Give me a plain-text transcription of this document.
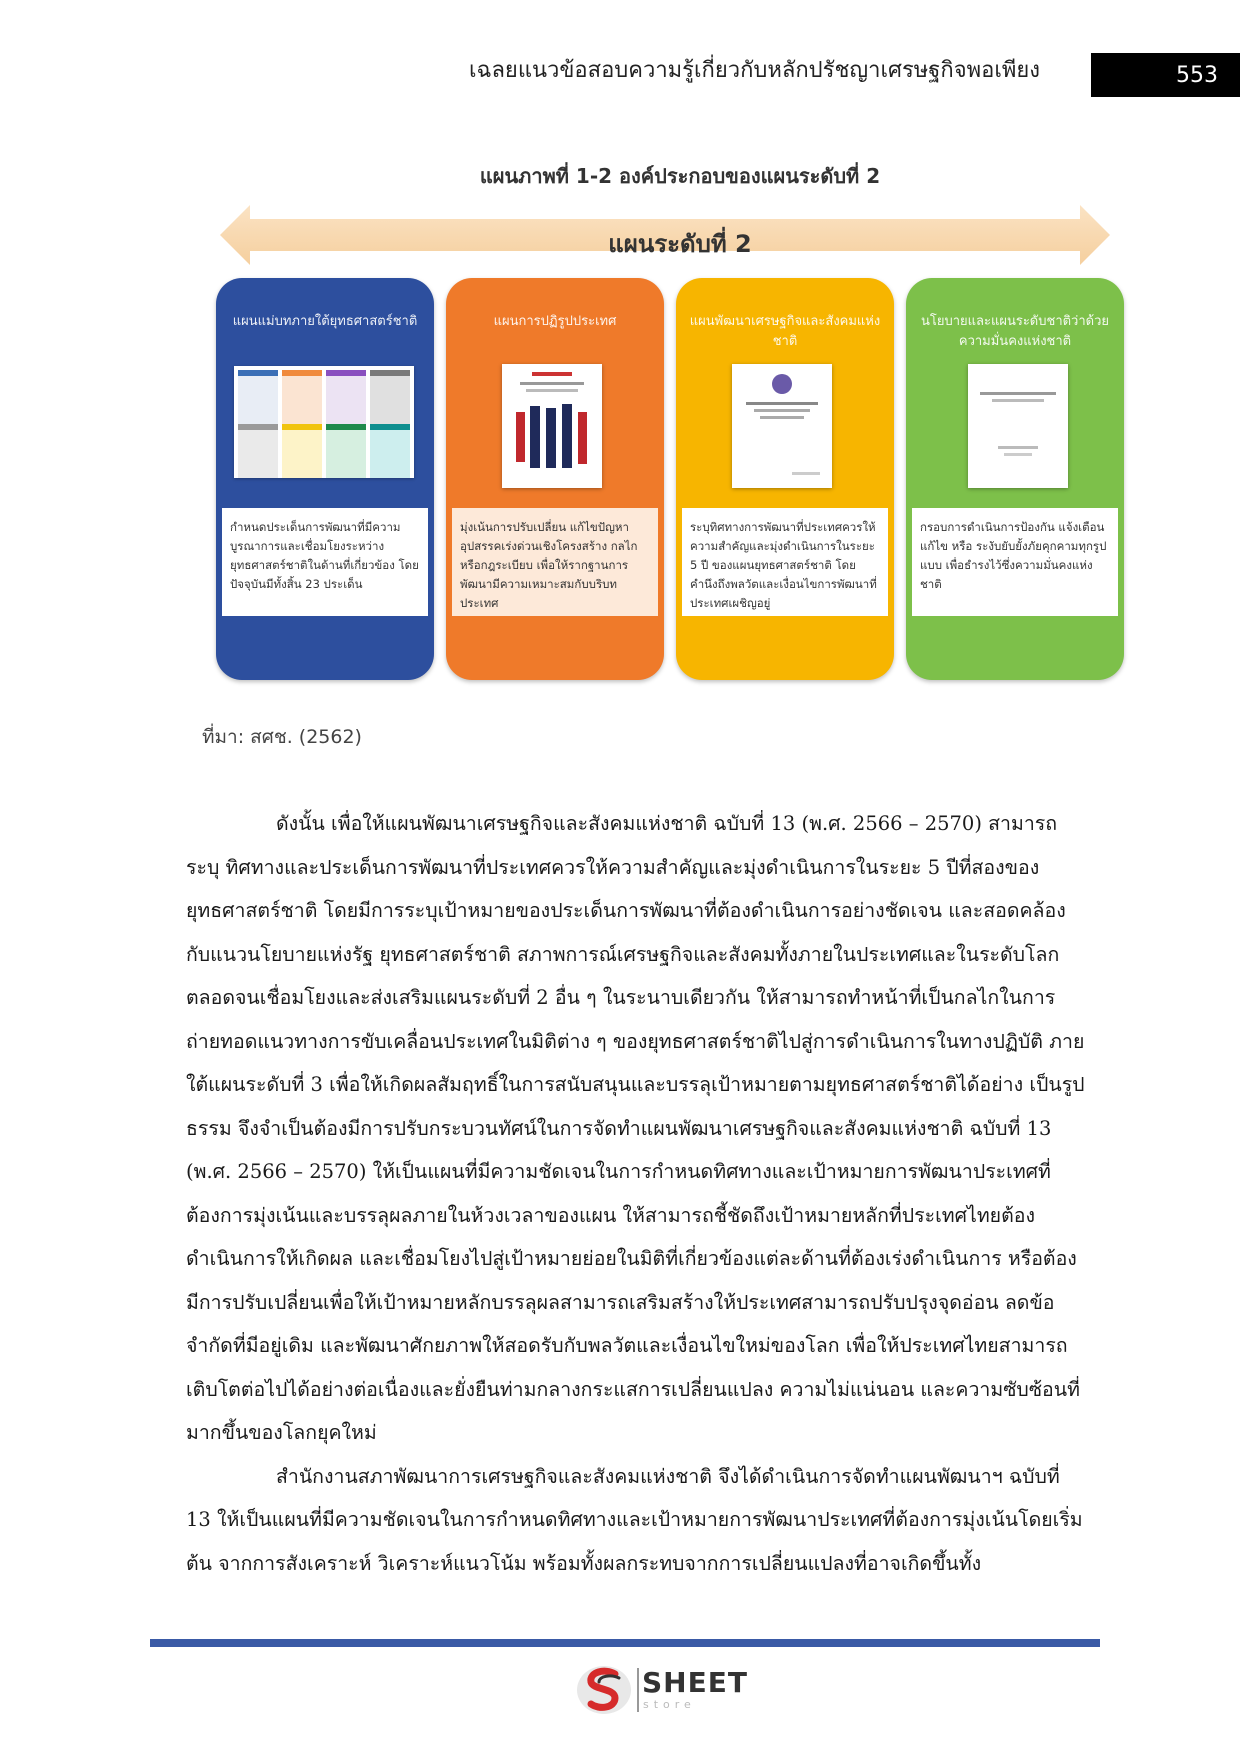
เฉลยแนวข้อสอบความรู้เกี่ยวกับหลักปรัชญาเศรษฐกิจพอเพียง	553
แผนภาพที่ 1-2 องค์ประกอบของแผนระดับที่ 2
แผนระดับที่ 2
แผนแม่บทภายใต้ยุทธศาสตร์ชาติ
กำหนดประเด็นการพัฒนาที่มีความบูรณาการและเชื่อมโยงระหว่างยุทธศาสตร์ชาติในด้านที่เกี่ยวข้อง โดยปัจจุบันมีทั้งสิ้น 23 ประเด็น
แผนการปฏิรูปประเทศ
มุ่งเน้นการปรับเปลี่ยน แก้ไขปัญหาอุปสรรคเร่งด่วนเชิงโครงสร้าง กลไก หรือกฎระเบียบ เพื่อให้รากฐานการพัฒนามีความเหมาะสมกับบริบทประเทศ
แผนพัฒนาเศรษฐกิจและสังคมแห่งชาติ
ระบุทิศทางการพัฒนาที่ประเทศควรให้ความสำคัญและมุ่งดำเนินการในระยะ 5 ปี ของแผนยุทธศาสตร์ชาติ โดยคำนึงถึงพลวัตและเงื่อนไขการพัฒนาที่ประเทศเผชิญอยู่
นโยบายและแผนระดับชาติว่าด้วยความมั่นคงแห่งชาติ
กรอบการดำเนินการป้องกัน แจ้งเตือน แก้ไข หรือ ระงับยับยั้งภัยคุกคามทุกรูปแบบ เพื่อธำรงไว้ซึ่งความมั่นคงแห่งชาติ
ที่มา: สศช. (2562)

ดังนั้น เพื่อให้แผนพัฒนาเศรษฐกิจและสังคมแห่งชาติ ฉบับที่ 13 (พ.ศ. 2566 – 2570) สามารถระบุ ทิศทางและประเด็นการพัฒนาที่ประเทศควรให้ความสำคัญและมุ่งดำเนินการในระยะ 5 ปีที่สองของยุทธศาสตร์ชาติ โดยมีการระบุเป้าหมายของประเด็นการพัฒนาที่ต้องดำเนินการอย่างชัดเจน และสอดคล้องกับแนวนโยบายแห่งรัฐ ยุทธศาสตร์ชาติ สภาพการณ์เศรษฐกิจและสังคมทั้งภายในประเทศและในระดับโลก ตลอดจนเชื่อมโยงและส่งเสริมแผนระดับที่ 2 อื่น ๆ ในระนาบเดียวกัน ให้สามารถทำหน้าที่เป็นกลไกในการถ่ายทอดแนวทางการขับเคลื่อนประเทศในมิติต่าง ๆ ของยุทธศาสตร์ชาติไปสู่การดำเนินการในทางปฏิบัติ ภายใต้แผนระดับที่ 3 เพื่อให้เกิดผลสัมฤทธิ์ในการสนับสนุนและบรรลุเป้าหมายตามยุทธศาสตร์ชาติได้อย่าง เป็นรูปธรรม จึงจำเป็นต้องมีการปรับกระบวนทัศน์ในการจัดทำแผนพัฒนาเศรษฐกิจและสังคมแห่งชาติ ฉบับที่ 13 (พ.ศ. 2566 – 2570) ให้เป็นแผนที่มีความชัดเจนในการกำหนดทิศทางและเป้าหมายการพัฒนาประเทศที่ต้องการมุ่งเน้นและบรรลุผลภายในห้วงเวลาของแผน ให้สามารถชี้ชัดถึงเป้าหมายหลักที่ประเทศไทยต้องดำเนินการให้เกิดผล และเชื่อมโยงไปสู่เป้าหมายย่อยในมิติที่เกี่ยวข้องแต่ละด้านที่ต้องเร่งดำเนินการ หรือต้องมีการปรับเปลี่ยนเพื่อให้เป้าหมายหลักบรรลุผลสามารถเสริมสร้างให้ประเทศสามารถปรับปรุงจุดอ่อน ลดข้อจำกัดที่มีอยู่เดิม และพัฒนาศักยภาพให้สอดรับกับพลวัตและเงื่อนไขใหม่ของโลก เพื่อให้ประเทศไทยสามารถเติบโตต่อไปได้อย่างต่อเนื่องและยั่งยืนท่ามกลางกระแสการเปลี่ยนแปลง ความไม่แน่นอน และความซับซ้อนที่มากขึ้นของโลกยุคใหม่

สำนักงานสภาพัฒนาการเศรษฐกิจและสังคมแห่งชาติ จึงได้ดำเนินการจัดทำแผนพัฒนาฯ ฉบับที่ 13 ให้เป็นแผนที่มีความชัดเจนในการกำหนดทิศทางและเป้าหมายการพัฒนาประเทศที่ต้องการมุ่งเน้นโดยเริ่มต้น จากการสังเคราะห์ วิเคราะห์แนวโน้ม พร้อมทั้งผลกระทบจากการเปลี่ยนแปลงที่อาจเกิดขึ้นทั้ง

SHEET
store
